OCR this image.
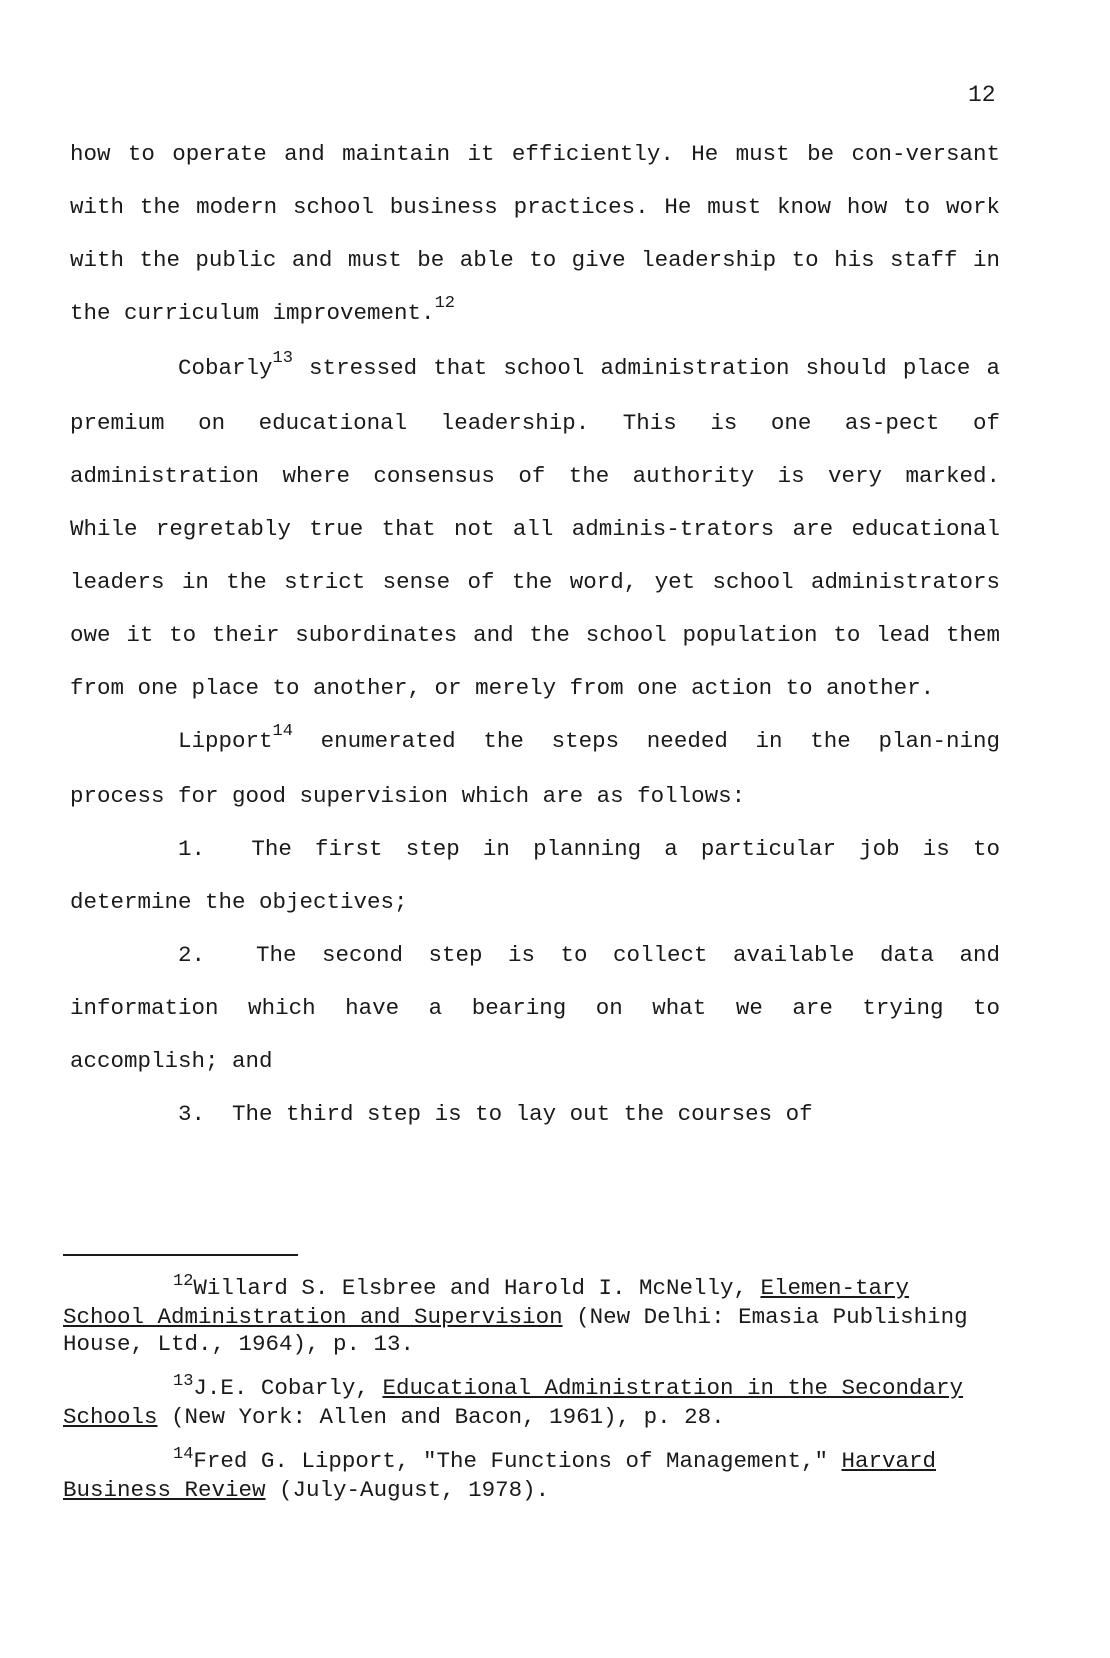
12

how to operate and maintain it efficiently. He must be con-versant with the modern school business practices. He must know how to work with the public and must be able to give leadership to his staff in the curriculum improvement.$^{12}$

Cobarly$^{13}$ stressed that school administration should place a premium on educational leadership. This is one as-pect of administration where consensus of the authority is very marked. While regretably true that not all adminis-trators are educational leaders in the strict sense of the word, yet school administrators owe it to their subordinates and the school population to lead them from one place to another, or merely from one action to another.

Lipport$^{14}$ enumerated the steps needed in the plan-ning process for good supervision which are as follows:

1. The first step in planning a particular job is to determine the objectives;

2. The second step is to collect available data and information which have a bearing on what we are trying to accomplish; and

3. The third step is to lay out the courses of

$^{12}$Willard S. Elsbree and Harold I. McNelly, Elemen-tary School Administration and Supervision (New Delhi: Emasia Publishing House, Ltd., 1964), p. 13.

$^{13}$J.E. Cobarly, Educational Administration in the Secondary Schools (New York: Allen and Bacon, 1961), p. 28.

$^{14}$Fred G. Lipport, "The Functions of Management," Harvard Business Review (July-August, 1978).
